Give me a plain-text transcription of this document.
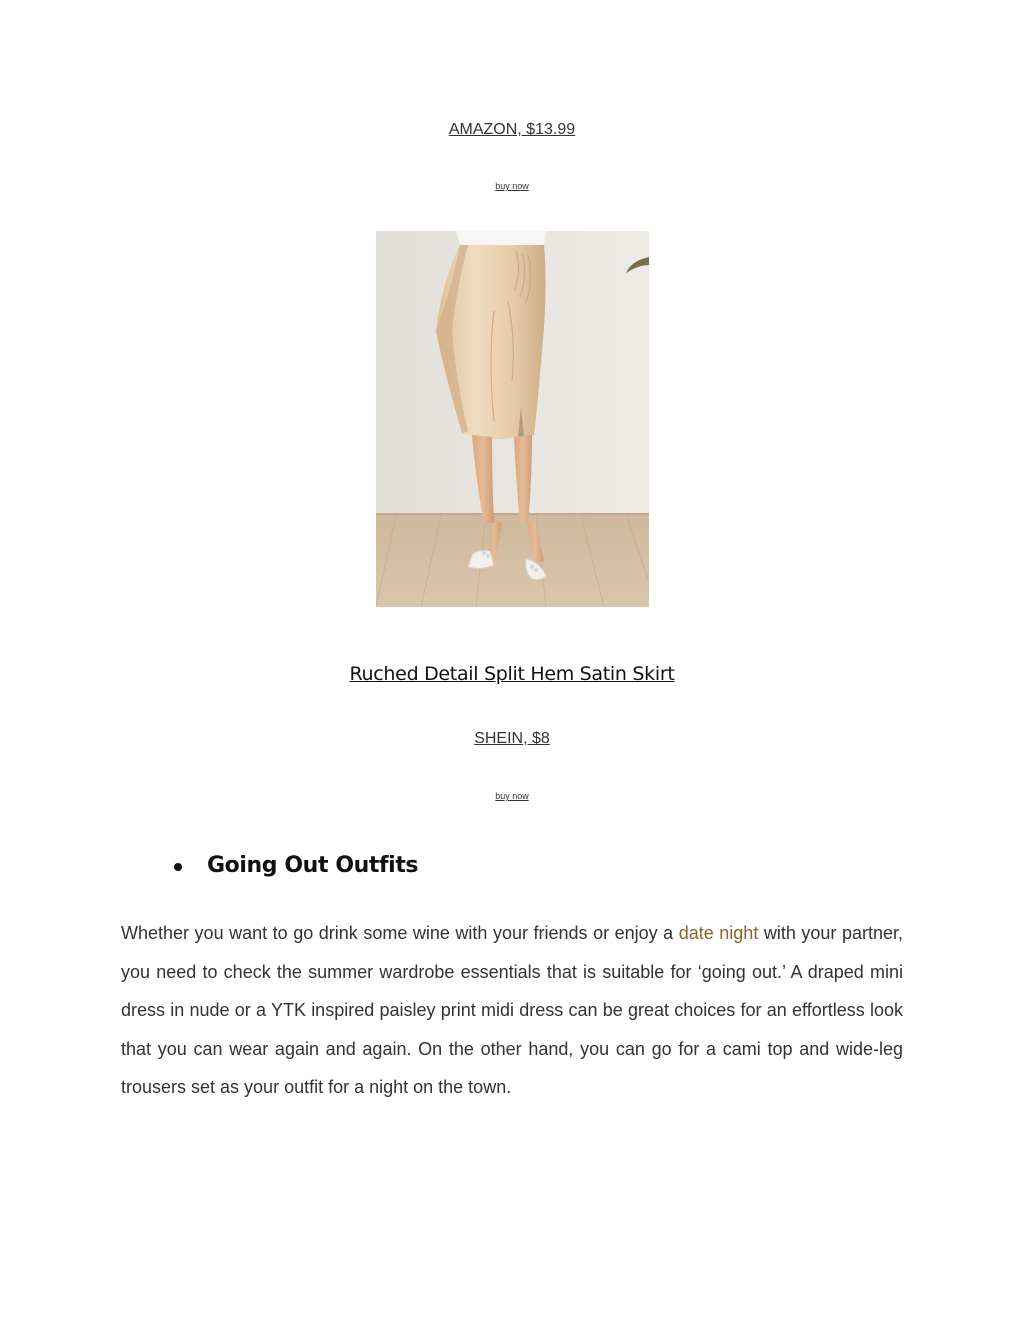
AMAZON, $13.99
buy now
Ruched Detail Split Hem Satin Skirt
SHEIN, $8
buy now
Going Out Outfits

Whether you want to go drink some wine with your friends or enjoy a date night with your partner, you need to check the summer wardrobe essentials that is suitable for ‘going out.’ A draped mini dress in nude or a YTK inspired paisley print midi dress can be great choices for an effortless look that you can wear again and again. On the other hand, you can go for a cami top and wide-leg trousers set as your outfit for a night on the town.
